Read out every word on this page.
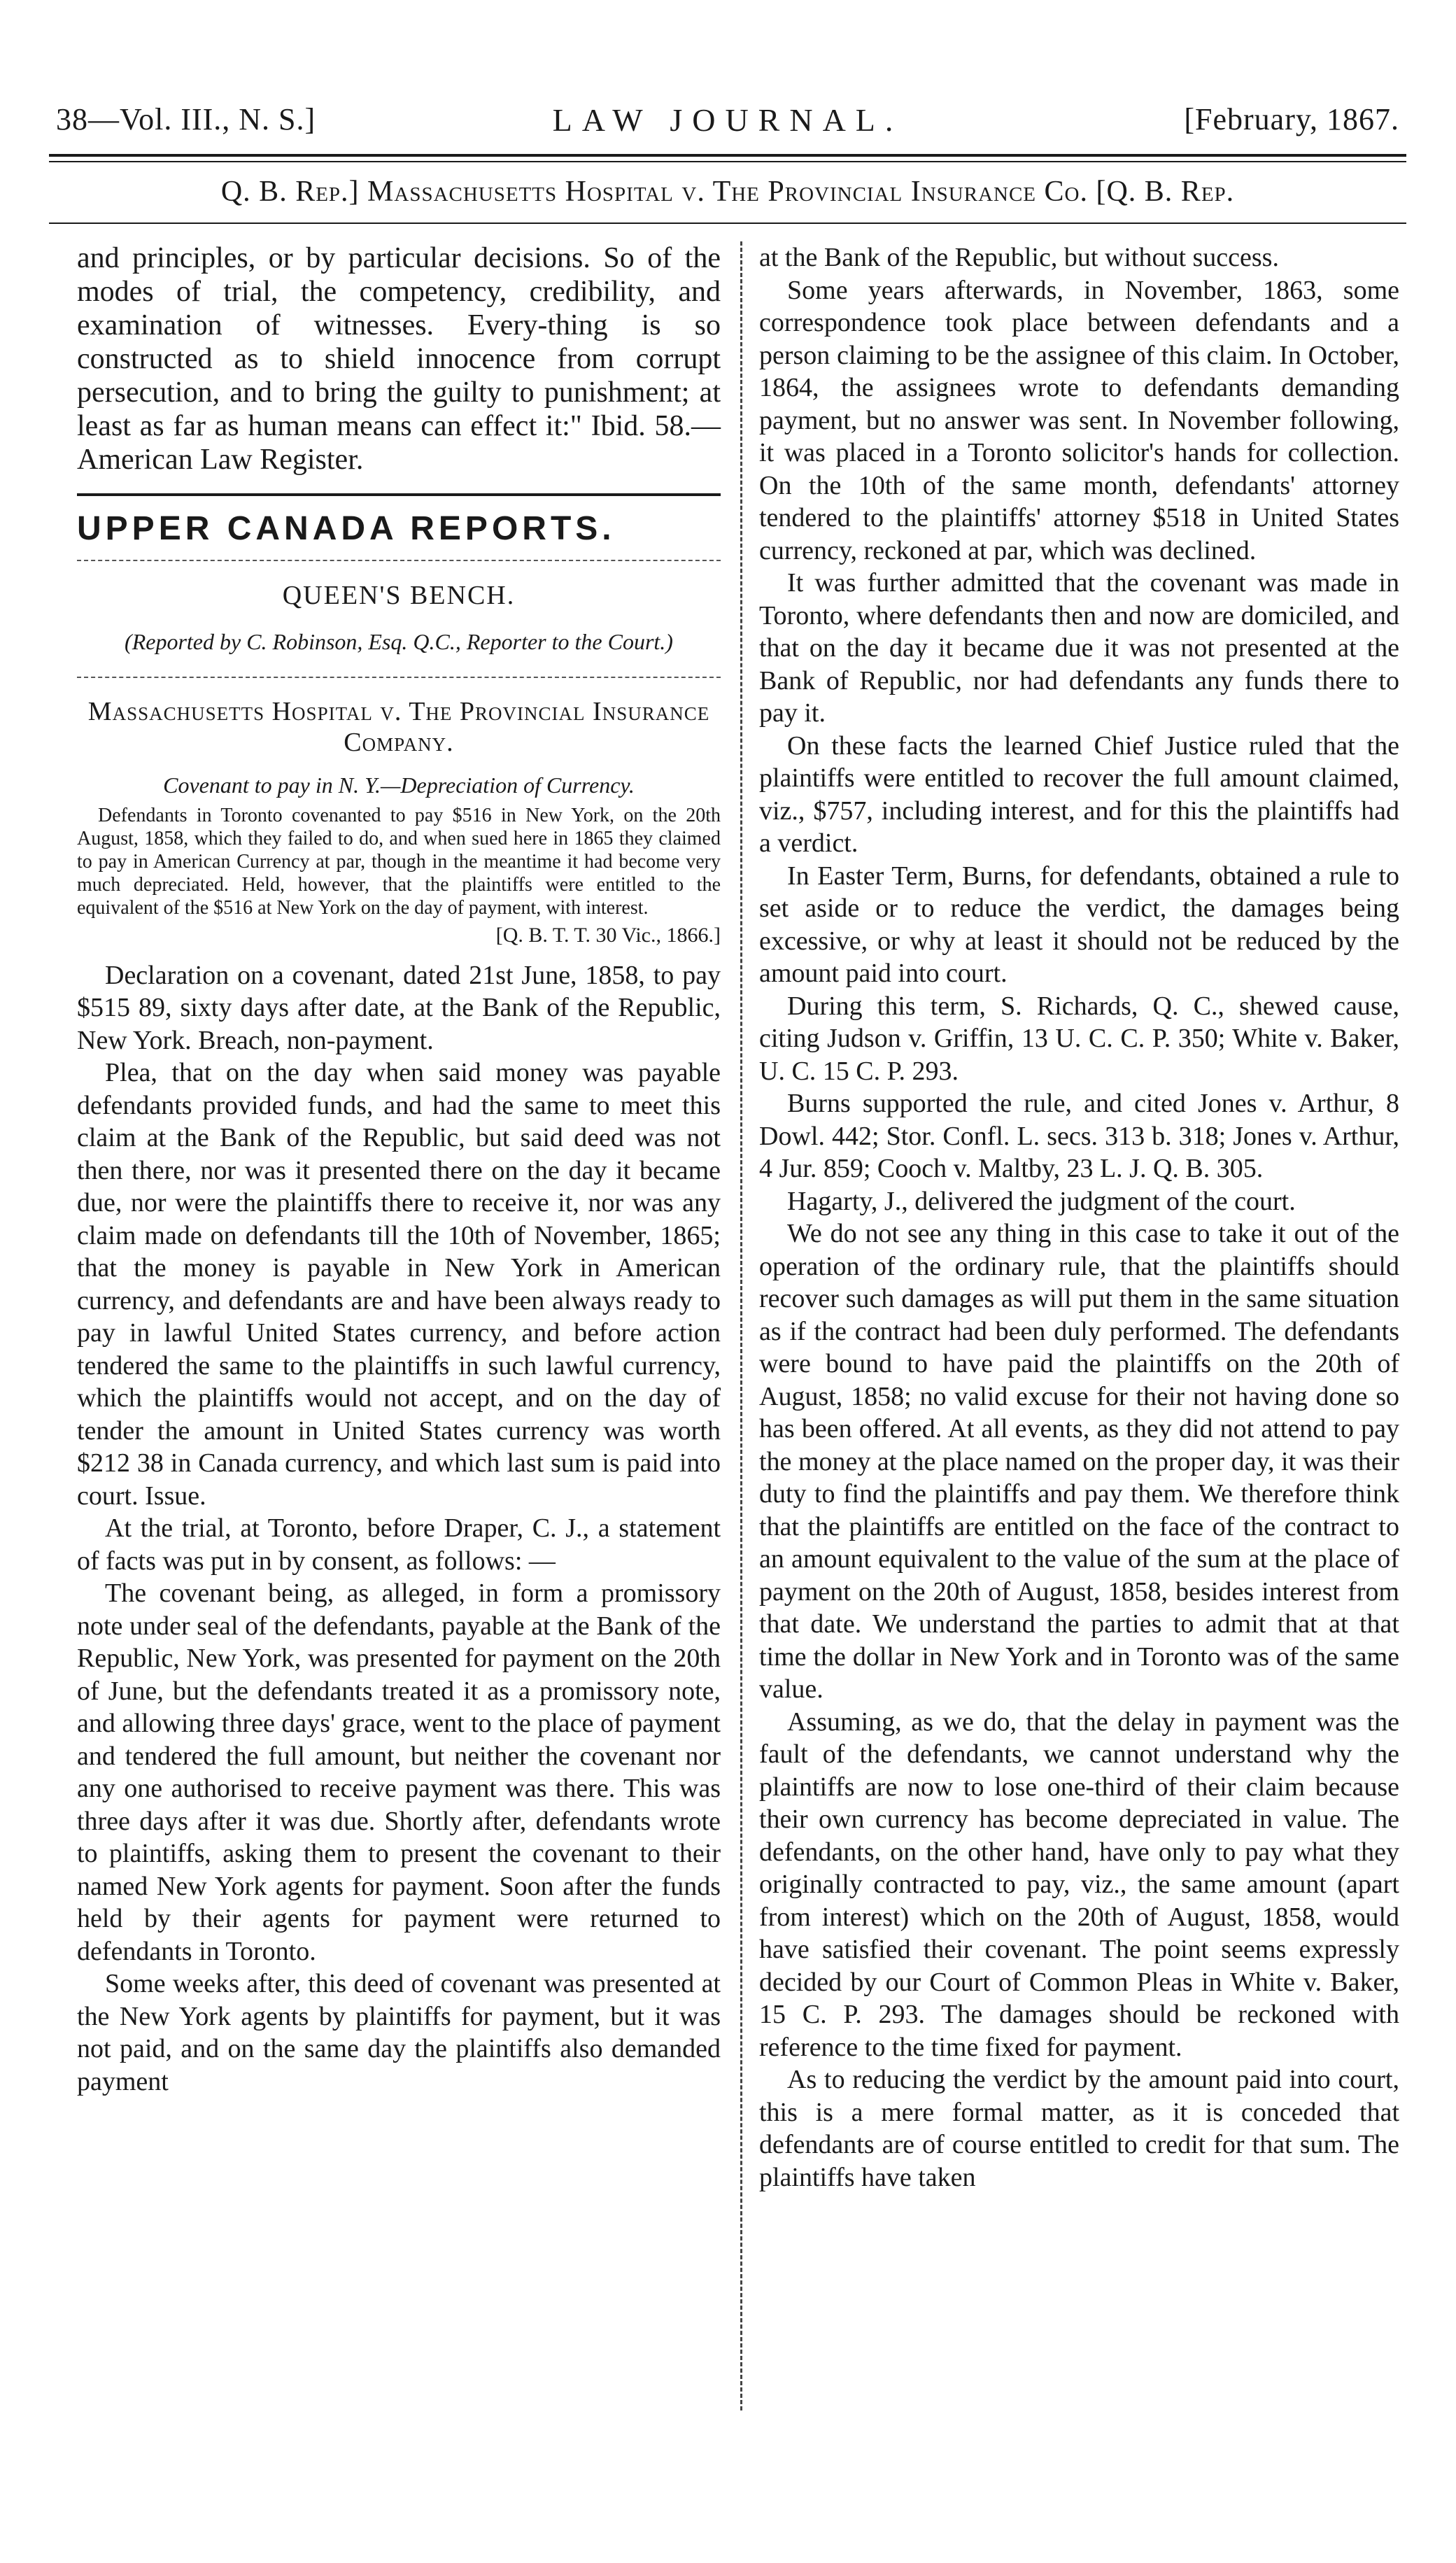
38—Vol. III., N. S.]	LAW JOURNAL.	[February, 1867.
Q. B. Rep.] Massachusetts Hospital v. The Provincial Insurance Co. [Q. B. Rep.

and principles, or by particular decisions. So of the modes of trial, the competency, credibility, and examination of witnesses. Every-thing is so constructed as to shield innocence from corrupt persecution, and to bring the guilty to punishment; at least as far as human means can effect it:" Ibid. 58.—American Law Register.

UPPER CANADA REPORTS.
QUEEN'S BENCH.
(Reported by C. Robinson, Esq. Q.C., Reporter to the Court.)
Massachusetts Hospital v. The Provincial Insurance Company.
Covenant to pay in N. Y.—Depreciation of Currency.

Defendants in Toronto covenanted to pay $516 in New York, on the 20th August, 1858, which they failed to do, and when sued here in 1865 they claimed to pay in American Currency at par, though in the meantime it had become very much depreciated. Held, however, that the plaintiffs were entitled to the equivalent of the $516 at New York on the day of payment, with interest.

[Q. B. T. T. 30 Vic., 1866.]

Declaration on a covenant, dated 21st June, 1858, to pay $515 89, sixty days after date, at the Bank of the Republic, New York. Breach, non-payment.

Plea, that on the day when said money was payable defendants provided funds, and had the same to meet this claim at the Bank of the Republic, but said deed was not then there, nor was it presented there on the day it became due, nor were the plaintiffs there to receive it, nor was any claim made on defendants till the 10th of November, 1865; that the money is payable in New York in American currency, and defendants are and have been always ready to pay in lawful United States currency, and before action tendered the same to the plaintiffs in such lawful currency, which the plaintiffs would not accept, and on the day of tender the amount in United States currency was worth $212 38 in Canada currency, and which last sum is paid into court. Issue.

At the trial, at Toronto, before Draper, C. J., a statement of facts was put in by consent, as follows: —

The covenant being, as alleged, in form a promissory note under seal of the defendants, payable at the Bank of the Republic, New York, was presented for payment on the 20th of June, but the defendants treated it as a promissory note, and allowing three days' grace, went to the place of payment and tendered the full amount, but neither the covenant nor any one authorised to receive payment was there. This was three days after it was due. Shortly after, defendants wrote to plaintiffs, asking them to present the covenant to their named New York agents for payment. Soon after the funds held by their agents for payment were returned to defendants in Toronto.

Some weeks after, this deed of covenant was presented at the New York agents by plaintiffs for payment, but it was not paid, and on the same day the plaintiffs also demanded payment

at the Bank of the Republic, but without success.

Some years afterwards, in November, 1863, some correspondence took place between defendants and a person claiming to be the assignee of this claim. In October, 1864, the assignees wrote to defendants demanding payment, but no answer was sent. In November following, it was placed in a Toronto solicitor's hands for collection. On the 10th of the same month, defendants' attorney tendered to the plaintiffs' attorney $518 in United States currency, reckoned at par, which was declined.

It was further admitted that the covenant was made in Toronto, where defendants then and now are domiciled, and that on the day it became due it was not presented at the Bank of Republic, nor had defendants any funds there to pay it.

On these facts the learned Chief Justice ruled that the plaintiffs were entitled to recover the full amount claimed, viz., $757, including interest, and for this the plaintiffs had a verdict.

In Easter Term, Burns, for defendants, obtained a rule to set aside or to reduce the verdict, the damages being excessive, or why at least it should not be reduced by the amount paid into court.

During this term, S. Richards, Q. C., shewed cause, citing Judson v. Griffin, 13 U. C. C. P. 350; White v. Baker, U. C. 15 C. P. 293.

Burns supported the rule, and cited Jones v. Arthur, 8 Dowl. 442; Stor. Confl. L. secs. 313 b. 318; Jones v. Arthur, 4 Jur. 859; Cooch v. Maltby, 23 L. J. Q. B. 305.

Hagarty, J., delivered the judgment of the court.

We do not see any thing in this case to take it out of the operation of the ordinary rule, that the plaintiffs should recover such damages as will put them in the same situation as if the contract had been duly performed. The defendants were bound to have paid the plaintiffs on the 20th of August, 1858; no valid excuse for their not having done so has been offered. At all events, as they did not attend to pay the money at the place named on the proper day, it was their duty to find the plaintiffs and pay them. We therefore think that the plaintiffs are entitled on the face of the contract to an amount equivalent to the value of the sum at the place of payment on the 20th of August, 1858, besides interest from that date. We understand the parties to admit that at that time the dollar in New York and in Toronto was of the same value.

Assuming, as we do, that the delay in payment was the fault of the defendants, we cannot understand why the plaintiffs are now to lose one-third of their claim because their own currency has become depreciated in value. The defendants, on the other hand, have only to pay what they originally contracted to pay, viz., the same amount (apart from interest) which on the 20th of August, 1858, would have satisfied their covenant. The point seems expressly decided by our Court of Common Pleas in White v. Baker, 15 C. P. 293. The damages should be reckoned with reference to the time fixed for payment.

As to reducing the verdict by the amount paid into court, this is a mere formal matter, as it is conceded that defendants are of course entitled to credit for that sum. The plaintiffs have taken
